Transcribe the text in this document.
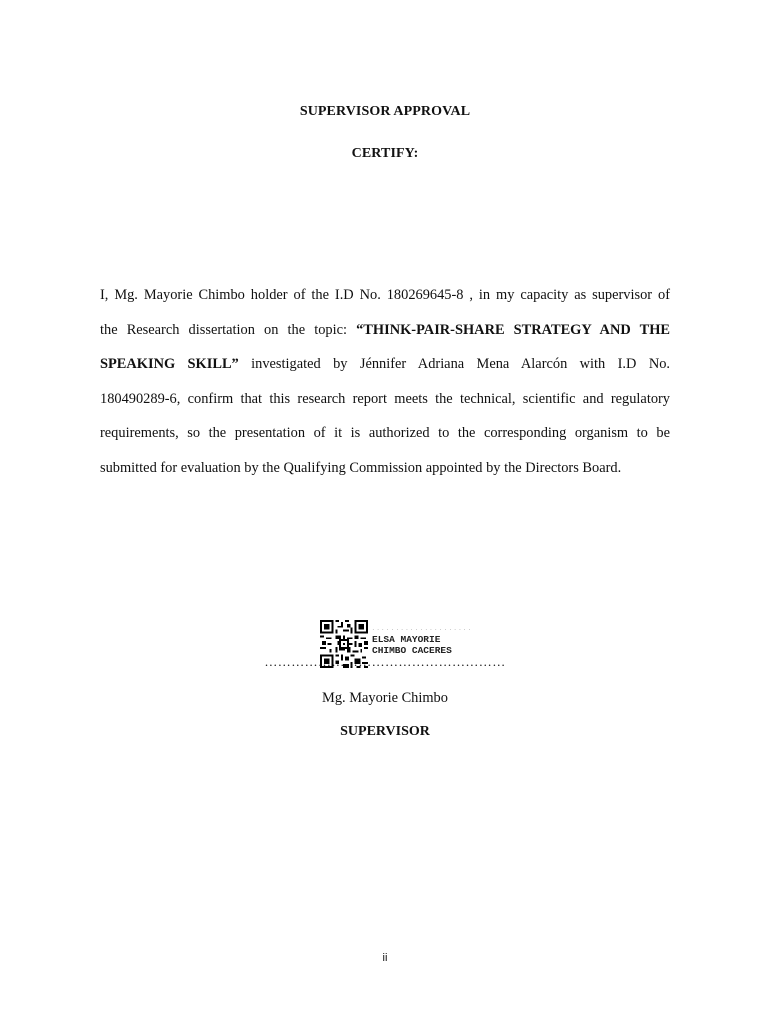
SUPERVISOR APPROVAL
CERTIFY:
I, Mg. Mayorie Chimbo holder of the I.D No. 180269645-8 , in my capacity as supervisor of
the Research dissertation on the topic: “THINK-PAIR-SHARE STRATEGY AND THE
SPEAKING SKILL” investigated by Jénnifer Adriana Mena Alarcón with I.D No.
180490289-6, confirm that this research report meets the technical, scientific and regulatory
requirements, so the presentation of it is authorized to the corresponding organism to be
submitted for evaluation by the Qualifying Commission appointed by the Directors Board.
· · · · · · · · · · · · · · · · · · · · ·
ELSA MAYORIE
CHIMBO CACERES
………………………………………………
Mg. Mayorie Chimbo
SUPERVISOR
ii
